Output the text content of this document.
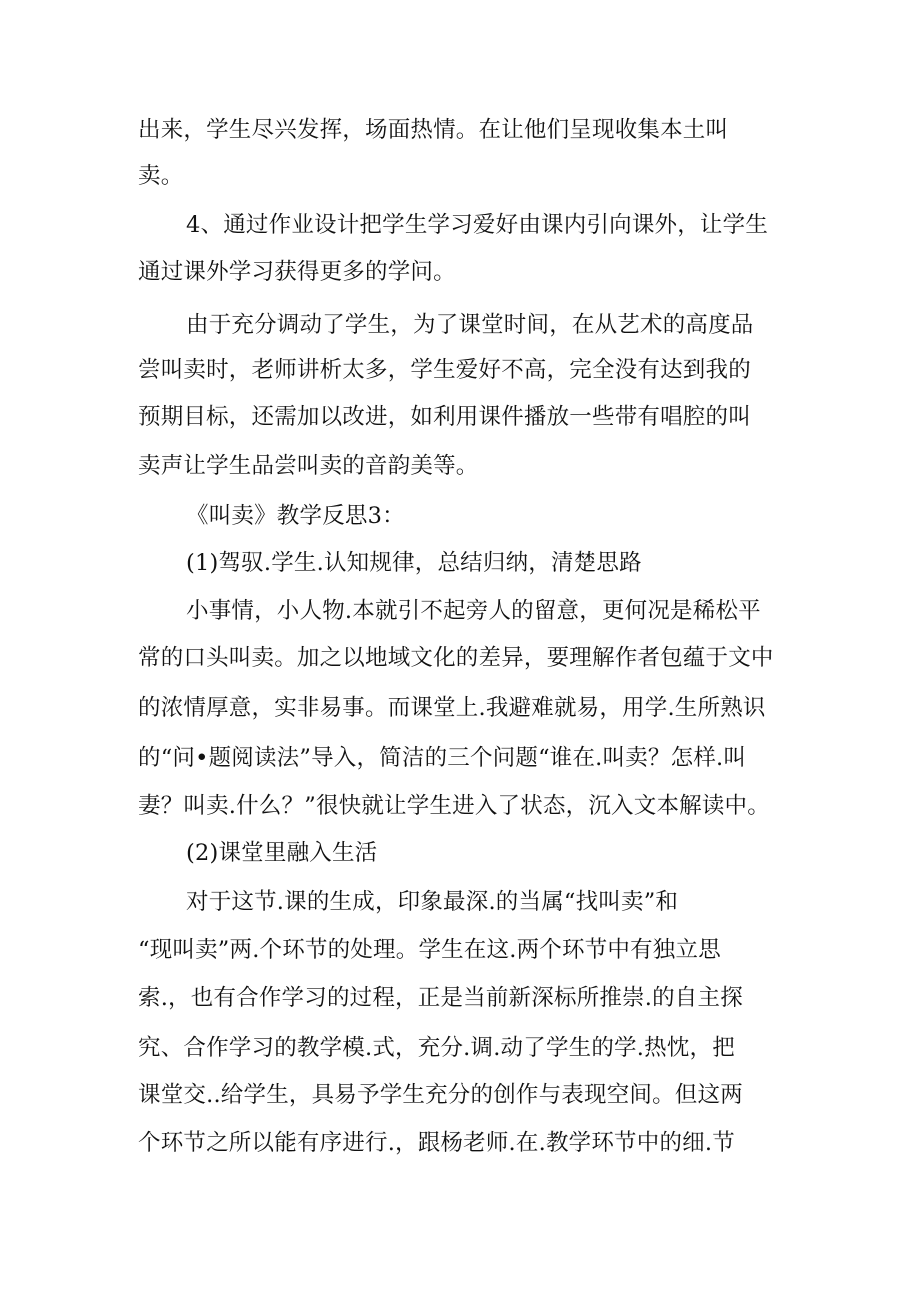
出来，学生尽兴发挥，场面热情。在让他们呈现收集本土叫
卖。
4、通过作业设计把学生学习爱好由课内引向课外，让学生
通过课外学习获得更多的学问。
由于充分调动了学生，为了课堂时间，在从艺术的高度品
尝叫卖时，老师讲析太多，学生爱好不高，完全没有达到我的
预期目标，还需加以改进，如利用课件播放一些带有唱腔的叫
卖声让学生品尝叫卖的音韵美等。
《叫卖》教学反思3：
(1)驾驭.学生.认知规律，总结归纳，清楚思路
小事情，小人物.本就引不起旁人的留意，更何况是稀松平
常的口头叫卖。加之以地域文化的差异，要理解作者包蕴于文中
的浓情厚意，实非易事。而课堂上.我避难就易，用学.生所熟识
的“问•题阅读法”导入，简洁的三个问题“谁在.叫卖？怎样.叫
妻？叫卖.什么？”很快就让学生进入了状态，沉入文本解读中。
(2)课堂里融入生活
对于这节.课的生成，印象最深.的当属“找叫卖”和
“现叫卖”两.个环节的处理。学生在这.两个环节中有独立思
索.，也有合作学习的过程，正是当前新深标所推崇.的自主探
究、合作学习的教学模.式，充分.调.动了学生的学.热忱，把
课堂交..给学生，具易予学生充分的创作与表现空间。但这两
个环节之所以能有序进行.，跟杨老师.在.教学环节中的细.节
